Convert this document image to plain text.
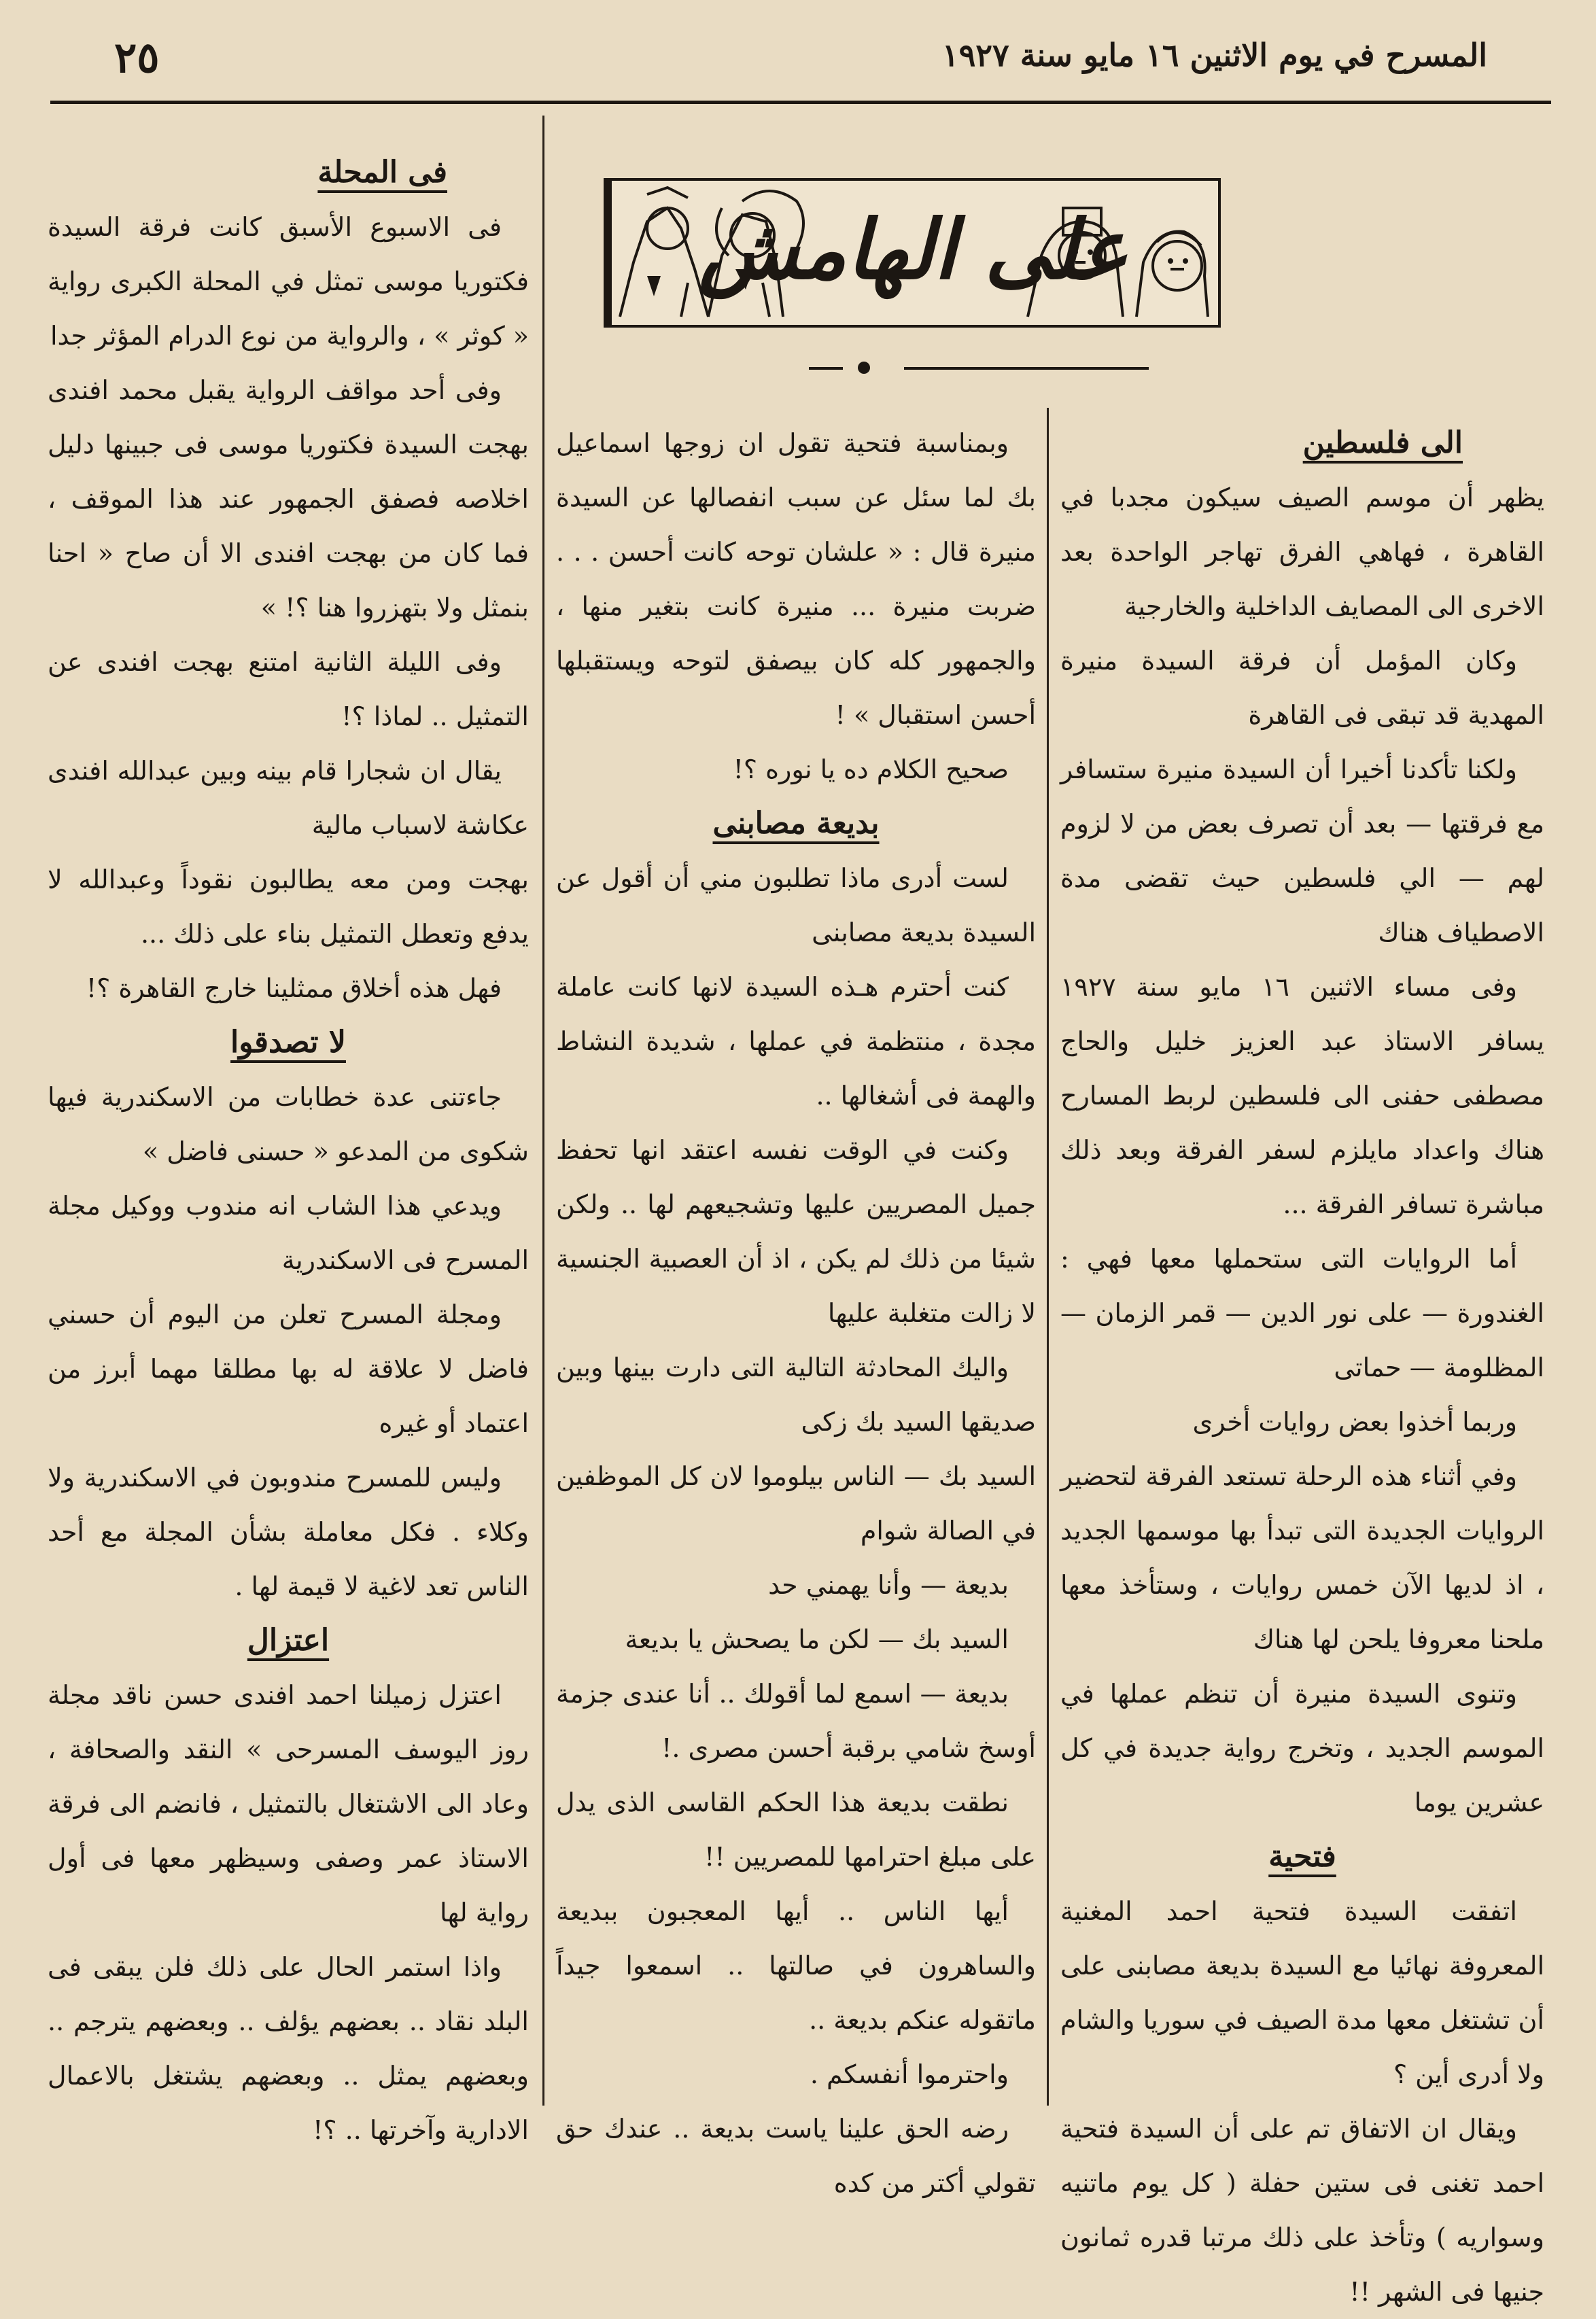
٢٥	المسرح في يوم الاثنين ١٦ مايو سنة ١٩٢٧
على الهامش
الى فلسطين

يظهر أن موسم الصيف سيكون مجدبا في القاهرة ، فهاهي الفرق تهاجر الواحدة بعد الاخرى الى المصايف الداخلية والخارجية

وكان المؤمل أن فرقة السيدة منيرة المهدية قد تبقى فى القاهرة

ولكنا تأكدنا أخيرا أن السيدة منيرة ستسافر مع فرقتها — بعد أن تصرف بعض من لا لزوم لهم — الي فلسطين حيث تقضى مدة الاصطياف هناك

وفى مساء الاثنين ١٦ مايو سنة ١٩٢٧ يسافر الاستاذ عبد العزيز خليل والحاج مصطفى حفنى الى فلسطين لربط المسارح هناك واعداد مايلزم لسفر الفرقة وبعد ذلك مباشرة تسافر الفرقة ...

أما الروايات التى ستحملها معها فهي : الغندورة — على نور الدين — قمر الزمان — المظلومة — حماتى

وربما أخذوا بعض روايات أخرى

وفي أثناء هذه الرحلة تستعد الفرقة لتحضير الروايات الجديدة التى تبدأ بها موسمها الجديد ، اذ لديها الآن خمس روايات ، وستأخذ معها ملحنا معروفا يلحن لها هناك

وتنوى السيدة منيرة أن تنظم عملها في الموسم الجديد ، وتخرج رواية جديدة في كل عشرين يوما

فتحية

اتفقت السيدة فتحية احمد المغنية المعروفة نهائيا مع السيدة بديعة مصابنى على أن تشتغل معها مدة الصيف في سوريا والشام ولا أدرى أين ؟

ويقال ان الاتفاق تم على أن السيدة فتحية احمد تغنى فى ستين حفلة ( كل يوم ماتنيه وسواريه ) وتأخذ على ذلك مرتبا قدره ثمانون جنيها فى الشهر !!

وبمناسبة فتحية تقول ان زوجها اسماعيل بك لما سئل عن سبب انفصالها عن السيدة منيرة قال : « علشان توحه كانت أحسن . . . ضربت منيرة ... منيرة كانت بتغير منها ، والجمهور كله كان بيصفق لتوحه ويستقبلها أحسن استقبال » !

صحيح الكلام ده يا نوره ؟!

بديعة مصابنى

لست أدرى ماذا تطلبون مني أن أقول عن السيدة بديعة مصابنى

كنت أحترم هـذه السيدة لانها كانت عاملة مجدة ، منتظمة في عملها ، شديدة النشاط والهمة فى أشغالها ..

وكنت في الوقت نفسه اعتقد انها تحفظ جميل المصريين عليها وتشجيعهم لها .. ولكن شيئا من ذلك لم يكن ، اذ أن العصبية الجنسية لا زالت متغلبة عليها

واليك المحادثة التالية التى دارت بينها وبين صديقها السيد بك زكى

السيد بك — الناس بيلوموا لان كل الموظفين في الصالة شوام

بديعة — وأنا يهمني حد

السيد بك — لكن ما يصحش يا بديعة

بديعة — اسمع لما أقولك .. أنا عندى جزمة أوسخ شامي برقبة أحسن مصرى .!

نطقت بديعة هذا الحكم القاسى الذى يدل على مبلغ احترامها للمصريين !!

أيها الناس .. أيها المعجبون ببديعة والساهرون في صالتها .. اسمعوا جيداً ماتقوله عنكم بديعة ..

واحترموا أنفسكم .

رضه الحق علينا ياست بديعة .. عندك حق تقولي أكتر من كده

فى المحلة

فى الاسبوع الأسبق كانت فرقة السيدة فكتوريا موسى تمثل في المحلة الكبرى رواية « كوثر » ، والرواية من نوع الدرام المؤثر جدا

وفى أحد مواقف الرواية يقبل محمد افندى بهجت السيدة فكتوريا موسى فى جبينها دليل اخلاصه فصفق الجمهور عند هذا الموقف ، فما كان من بهجت افندى الا أن صاح « احنا بنمثل ولا بتهزروا هنا ؟! »

وفى الليلة الثانية امتنع بهجت افندى عن التمثيل .. لماذا ؟!

يقال ان شجارا قام بينه وبين عبدالله افندى عكاشة لاسباب مالية

بهجت ومن معه يطالبون نقوداً وعبدالله لا يدفع وتعطل التمثيل بناء على ذلك ...

فهل هذه أخلاق ممثلينا خارج القاهرة ؟!

لا تصدقوا

جاءتنى عدة خطابات من الاسكندرية فيها شكوى من المدعو « حسنى فاضل »

ويدعي هذا الشاب انه مندوب ووكيل مجلة المسرح فى الاسكندرية

ومجلة المسرح تعلن من اليوم أن حسني فاضل لا علاقة له بها مطلقا مهما أبرز من اعتماد أو غيره

وليس للمسرح مندوبون في الاسكندرية ولا وكلاء . فكل معاملة بشأن المجلة مع أحد الناس تعد لاغية لا قيمة لها .

اعتزال

اعتزل زميلنا احمد افندى حسن ناقد مجلة روز اليوسف المسرحى » النقد والصحافة ، وعاد الى الاشتغال بالتمثيل ، فانضم الى فرقة الاستاذ عمر وصفى وسيظهر معها فى أول رواية لها

واذا استمر الحال على ذلك فلن يبقى فى البلد نقاد .. بعضهم يؤلف .. وبعضهم يترجم .. وبعضهم يمثل .. وبعضهم يشتغل بالاعمال الادارية وآخرتها .. ؟!
